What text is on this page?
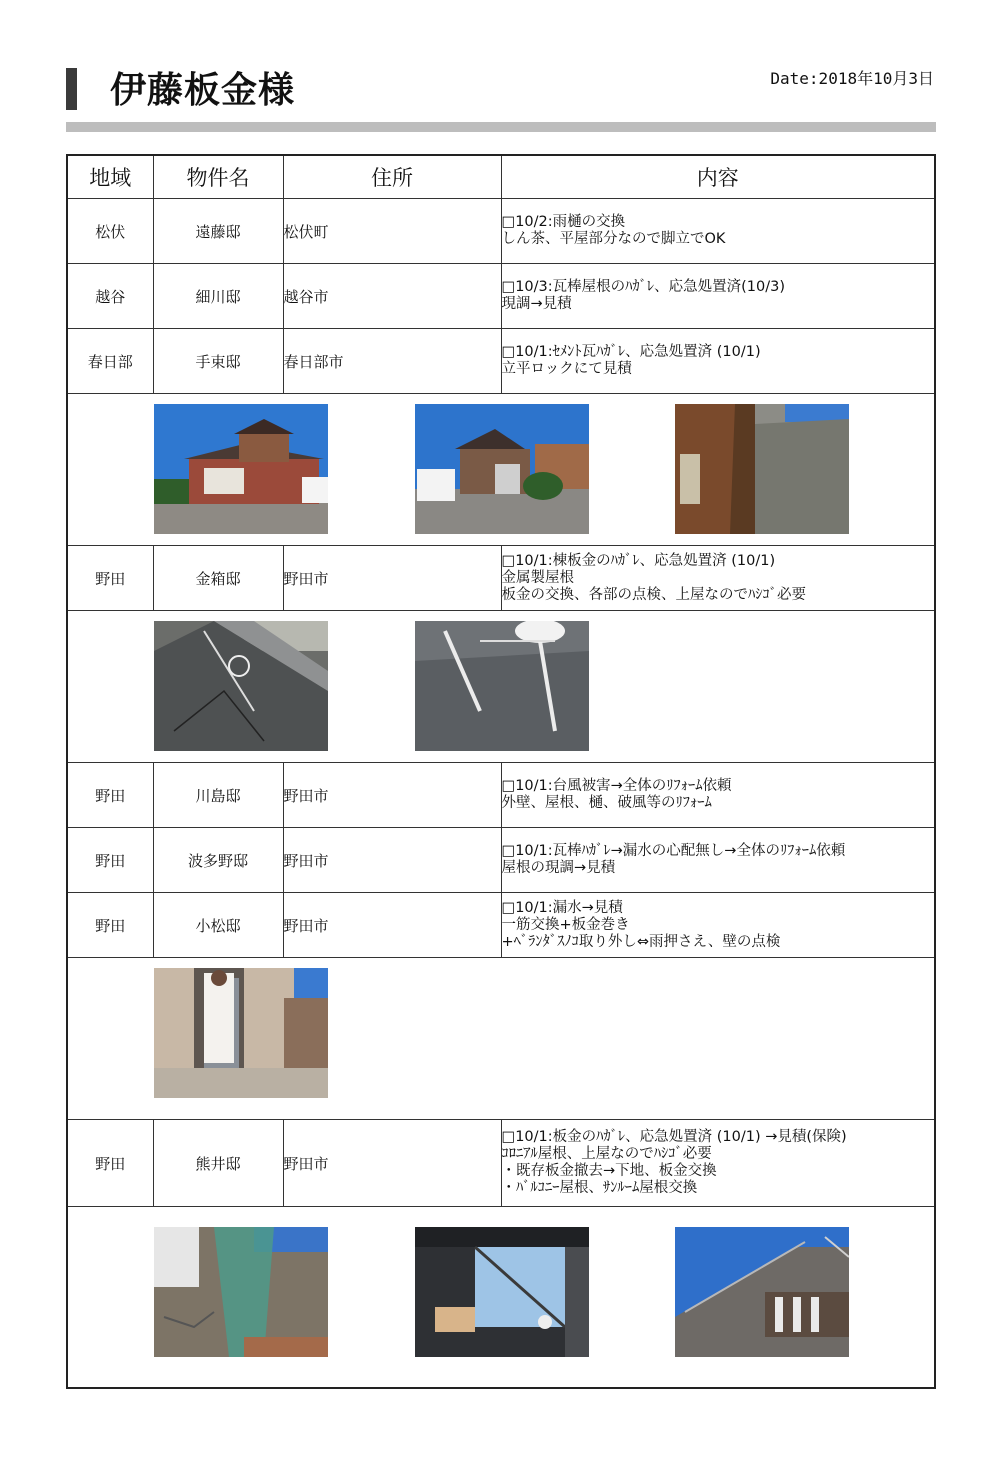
伊藤板金様	Date:2018年10月3日
地域	物件名	住所	内容
松伏	遠藤邸	松伏町	□10/2:雨樋の交換
しん茶、平屋部分なので脚立でOK

越谷	細川邸	越谷市	□10/3:瓦棒屋根のﾊｶﾞﾚ、応急処置済(10/3)
現調→見積

春日部	手束邸	春日部市	□10/1:ｾﾒﾝﾄ瓦ﾊｶﾞﾚ、応急処置済 (10/1)
立平ロックにて見積

野田	金箱邸	野田市	□10/1:棟板金のﾊｶﾞﾚ、応急処置済 (10/1)
金属製屋根
板金の交換、各部の点検、上屋なのでﾊｼｺﾞ必要

野田	川島邸	野田市	□10/1:台風被害→全体のﾘﾌｫｰﾑ依頼
外壁、屋根、樋、破風等のﾘﾌｫｰﾑ

野田	波多野邸	野田市	□10/1:瓦棒ﾊｶﾞﾚ→漏水の心配無し→全体のﾘﾌｫｰﾑ依頼
屋根の現調→見積

野田	小松邸	野田市	□10/1:漏水→見積
一筋交換+板金巻き
+ﾍﾞﾗﾝﾀﾞｽﾉｺ取り外し⇔雨押さえ、壁の点検

野田	熊井邸	野田市	□10/1:板金のﾊｶﾞﾚ、応急処置済 (10/1) →見積(保険)
ｺﾛﾆｱﾙ屋根、上屋なのでﾊｼｺﾞ必要
・既存板金撤去→下地、板金交換
・ﾊﾞﾙｺﾆｰ屋根、ｻﾝﾙｰﾑ屋根交換
